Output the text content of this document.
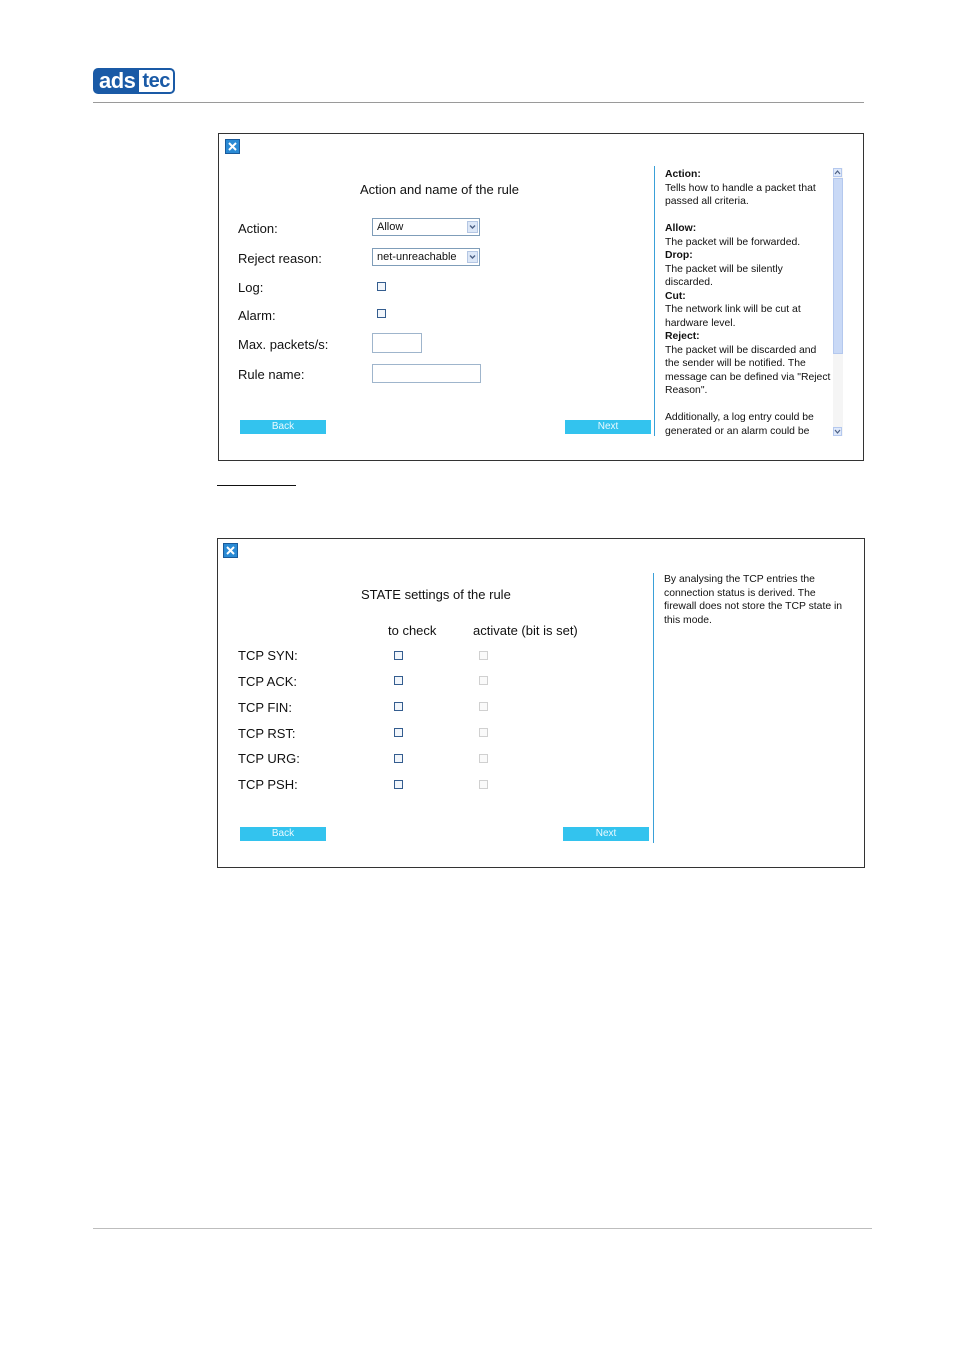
ads tec
Action and name of the rule
Action:	Allow
Reject reason:	net-unreachable
Log:
Alarm:
Max. packets/s:
Rule name:
Back	Next

Action:

Tells how to handle a packet that passed all criteria.

Allow:

The packet will be forwarded.

Drop:

The packet will be silently discarded.

Cut:

The network link will be cut at hardware level.

Reject:

The packet will be discarded and the sender will be notified. The message can be defined via "Reject Reason".

Additionally, a log entry could be generated or an alarm could be

STATE settings of the rule
to check	activate (bit is set)
TCP SYN:
TCP ACK:
TCP FIN:
TCP RST:
TCP URG:
TCP PSH:
Back	Next
By analysing the TCP entries the connection status is derived. The firewall does not store the TCP state in this mode.
